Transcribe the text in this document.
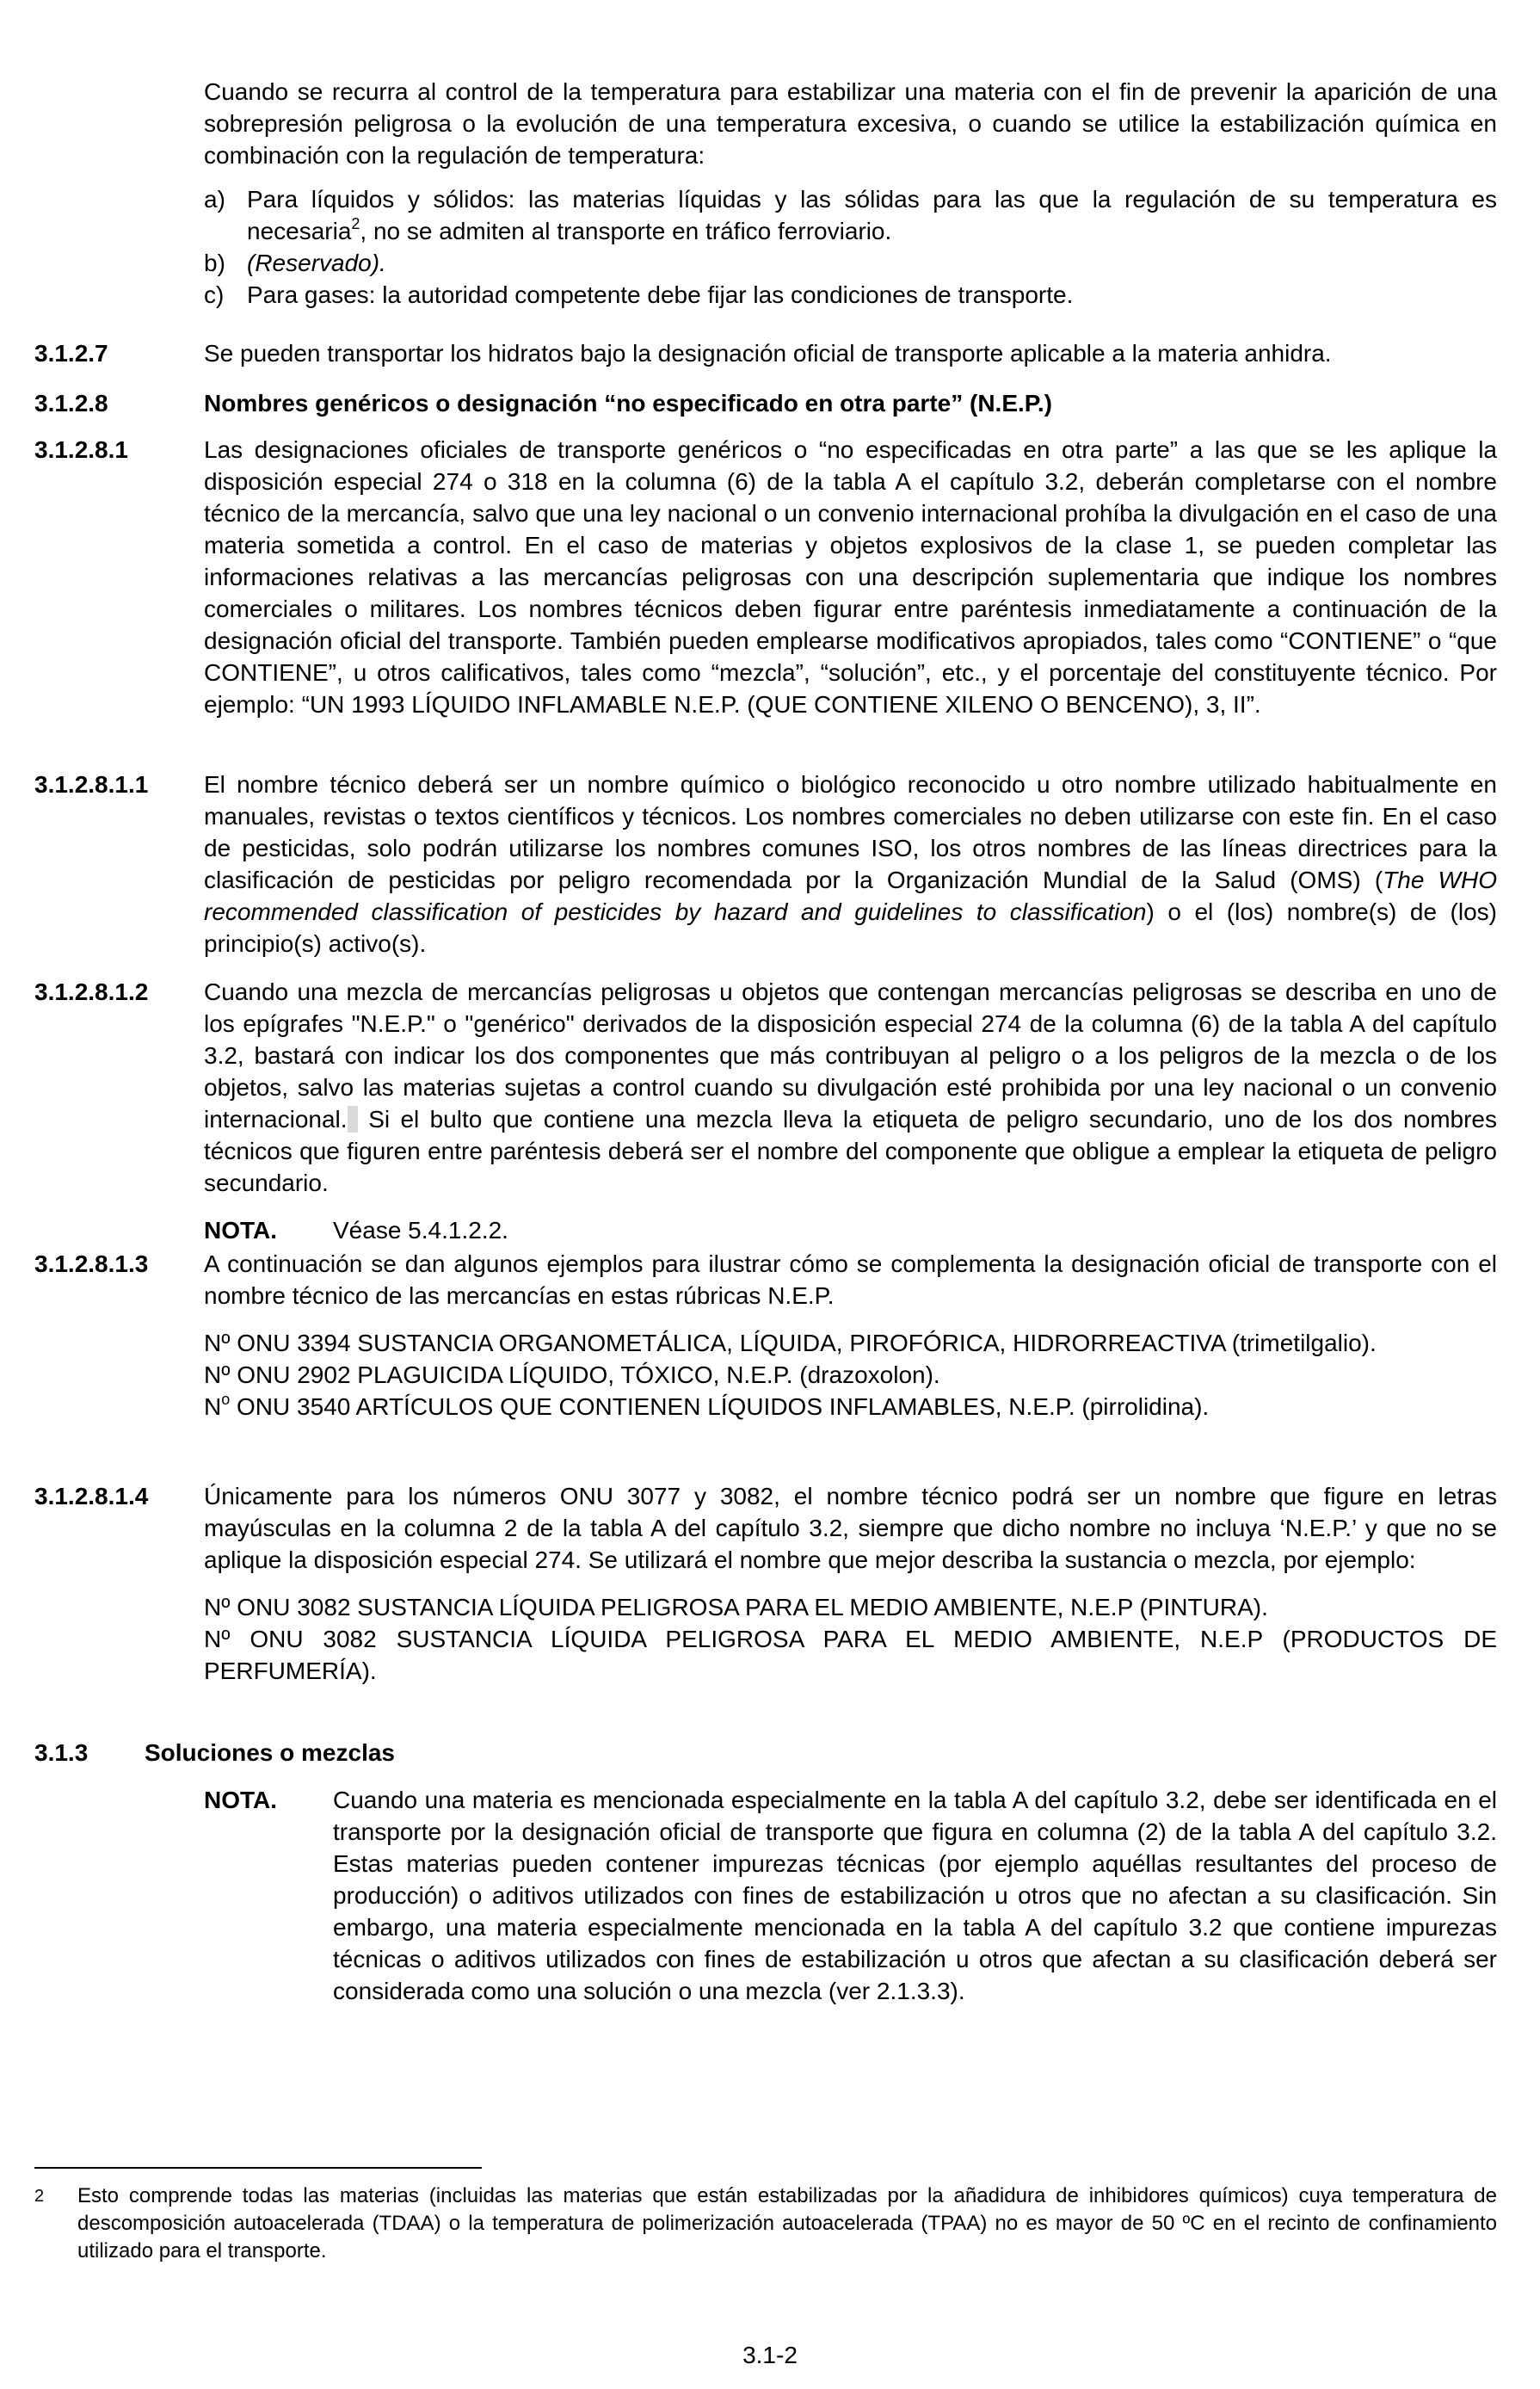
Cuando se recurra al control de la temperatura para estabilizar una materia con el fin de prevenir la aparición de una sobrepresión peligrosa o la evolución de una temperatura excesiva, o cuando se utilice la estabilización química en combinación con la regulación de temperatura:

a) Para líquidos y sólidos: las materias líquidas y las sólidas para las que la regulación de su temperatura es necesaria$^2$, no se admiten al transporte en tráfico ferroviario.
b) (Reservado).
c) Para gases: la autoridad competente debe fijar las condiciones de transporte.
3.1.2.7	Se pueden transportar los hidratos bajo la designación oficial de transporte aplicable a la materia anhidra.

3.1.2.8	Nombres genéricos o designación “no especificado en otra parte” (N.E.P.)

3.1.2.8.1	Las designaciones oficiales de transporte genéricos o “no especificadas en otra parte” a las que se les aplique la disposición especial 274 o 318 en la columna (6) de la tabla A el capítulo 3.2, deberán completarse con el nombre técnico de la mercancía, salvo que una ley nacional o un convenio internacional prohíba la divulgación en el caso de una materia sometida a control. En el caso de materias y objetos explosivos de la clase 1, se pueden completar las informaciones relativas a las mercancías peligrosas con una descripción suplementaria que indique los nombres comerciales o militares. Los nombres técnicos deben figurar entre paréntesis inmediatamente a continuación de la designación oficial del transporte. También pueden emplearse modificativos apropiados, tales como “CONTIENE” o “que CONTIENE”, u otros calificativos, tales como “mezcla”, “solución”, etc., y el porcentaje del constituyente técnico. Por ejemplo: “UN 1993 LÍQUIDO INFLAMABLE N.E.P. (QUE CONTIENE XILENO O BENCENO), 3, II”.

3.1.2.8.1.1	El nombre técnico deberá ser un nombre químico o biológico reconocido u otro nombre utilizado habitualmente en manuales, revistas o textos científicos y técnicos. Los nombres comerciales no deben utilizarse con este fin. En el caso de pesticidas, solo podrán utilizarse los nombres comunes ISO, los otros nombres de las líneas directrices para la clasificación de pesticidas por peligro recomendada por la Organización Mundial de la Salud (OMS) (The WHO recommended classification of pesticides by hazard and guidelines to classification) o el (los) nombre(s) de (los) principio(s) activo(s).

3.1.2.8.1.2	Cuando una mezcla de mercancías peligrosas u objetos que contengan mercancías peligrosas se describa en uno de los epígrafes "N.E.P." o "genérico" derivados de la disposición especial 274 de la columna (6) de la tabla A del capítulo 3.2, bastará con indicar los dos componentes que más contribuyan al peligro o a los peligros de la mezcla o de los objetos, salvo las materias sujetas a control cuando su divulgación esté prohibida por una ley nacional o un convenio internacional.  Si el bulto que contiene una mezcla lleva la etiqueta de peligro secundario, uno de los dos nombres técnicos que figuren entre paréntesis deberá ser el nombre del componente que obligue a emplear la etiqueta de peligro secundario.

NOTA.	Véase 5.4.1.2.2.
3.1.2.8.1.3	A continuación se dan algunos ejemplos para ilustrar cómo se complementa la designación oficial de transporte con el nombre técnico de las mercancías en estas rúbricas N.E.P.

Nº ONU 3394 SUSTANCIA ORGANOMETÁLICA, LÍQUIDA, PIROFÓRICA, HIDRORREACTIVA (trimetilgalio).

Nº ONU 2902 PLAGUICIDA LÍQUIDO, TÓXICO, N.E.P. (drazoxolon).

$N^o$ ONU 3540 ARTÍCULOS QUE CONTIENEN LÍQUIDOS INFLAMABLES, N.E.P. (pirrolidina).

3.1.2.8.1.4	Únicamente para los números ONU 3077 y 3082, el nombre técnico podrá ser un nombre que figure en letras mayúsculas en la columna 2 de la tabla A del capítulo 3.2, siempre que dicho nombre no incluya ‘N.E.P.’ y que no se aplique la disposición especial 274. Se utilizará el nombre que mejor describa la sustancia o mezcla, por ejemplo:

Nº ONU 3082 SUSTANCIA LÍQUIDA PELIGROSA PARA EL MEDIO AMBIENTE, N.E.P (PINTURA).

Nº ONU 3082 SUSTANCIA LÍQUIDA PELIGROSA PARA EL MEDIO AMBIENTE, N.E.P (PRODUCTOS DE PERFUMERÍA).

3.1.3	Soluciones o mezclas

NOTA.	Cuando una materia es mencionada especialmente en la tabla A del capítulo 3.2, debe ser identificada en el transporte por la designación oficial de transporte que figura en columna (2) de la tabla A del capítulo 3.2. Estas materias pueden contener impurezas técnicas (por ejemplo aquéllas resultantes del proceso de producción) o aditivos utilizados con fines de estabilización u otros que no afectan a su clasificación. Sin embargo, una materia especialmente mencionada en la tabla A del capítulo 3.2 que contiene impurezas técnicas o aditivos utilizados con fines de estabilización u otros que afectan a su clasificación deberá ser considerada como una solución o una mezcla (ver 2.1.3.3).

2	Esto comprende todas las materias (incluidas las materias que están estabilizadas por la añadidura de inhibidores químicos) cuya temperatura de descomposición autoacelerada (TDAA) o la temperatura de polimerización autoacelerada (TPAA) no es mayor de 50 ºC en el recinto de confinamiento utilizado para el transporte.

3.1-2
